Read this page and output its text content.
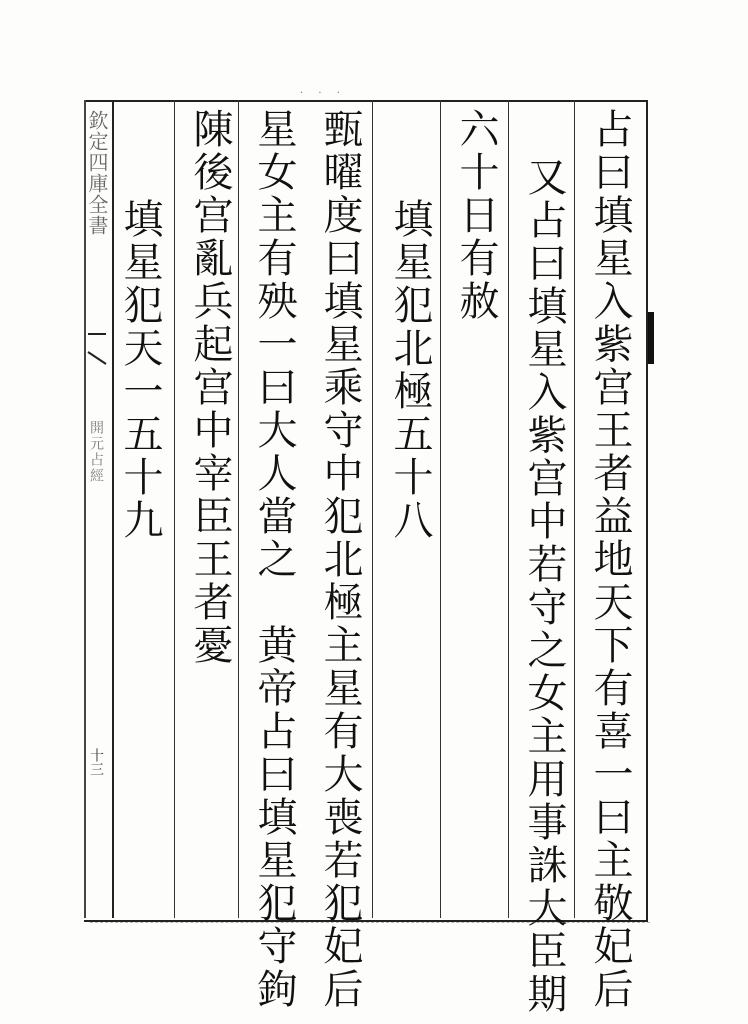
· · ·
欽定四庫全書
開元占經
十三	占曰填星入紫宫王者益地天下有喜一曰主敬妃后
又占曰填星入紫宫中若守之女主用事誅大臣期
六十日有赦
填星犯北極五十八
甄曜度曰填星乘守中犯北極主星有大喪若犯妃后
星女主有殃一曰大人當之　黄帝占曰填星犯守鉤
陳後宫亂兵起宫中宰臣王者憂
填星犯天一五十九
